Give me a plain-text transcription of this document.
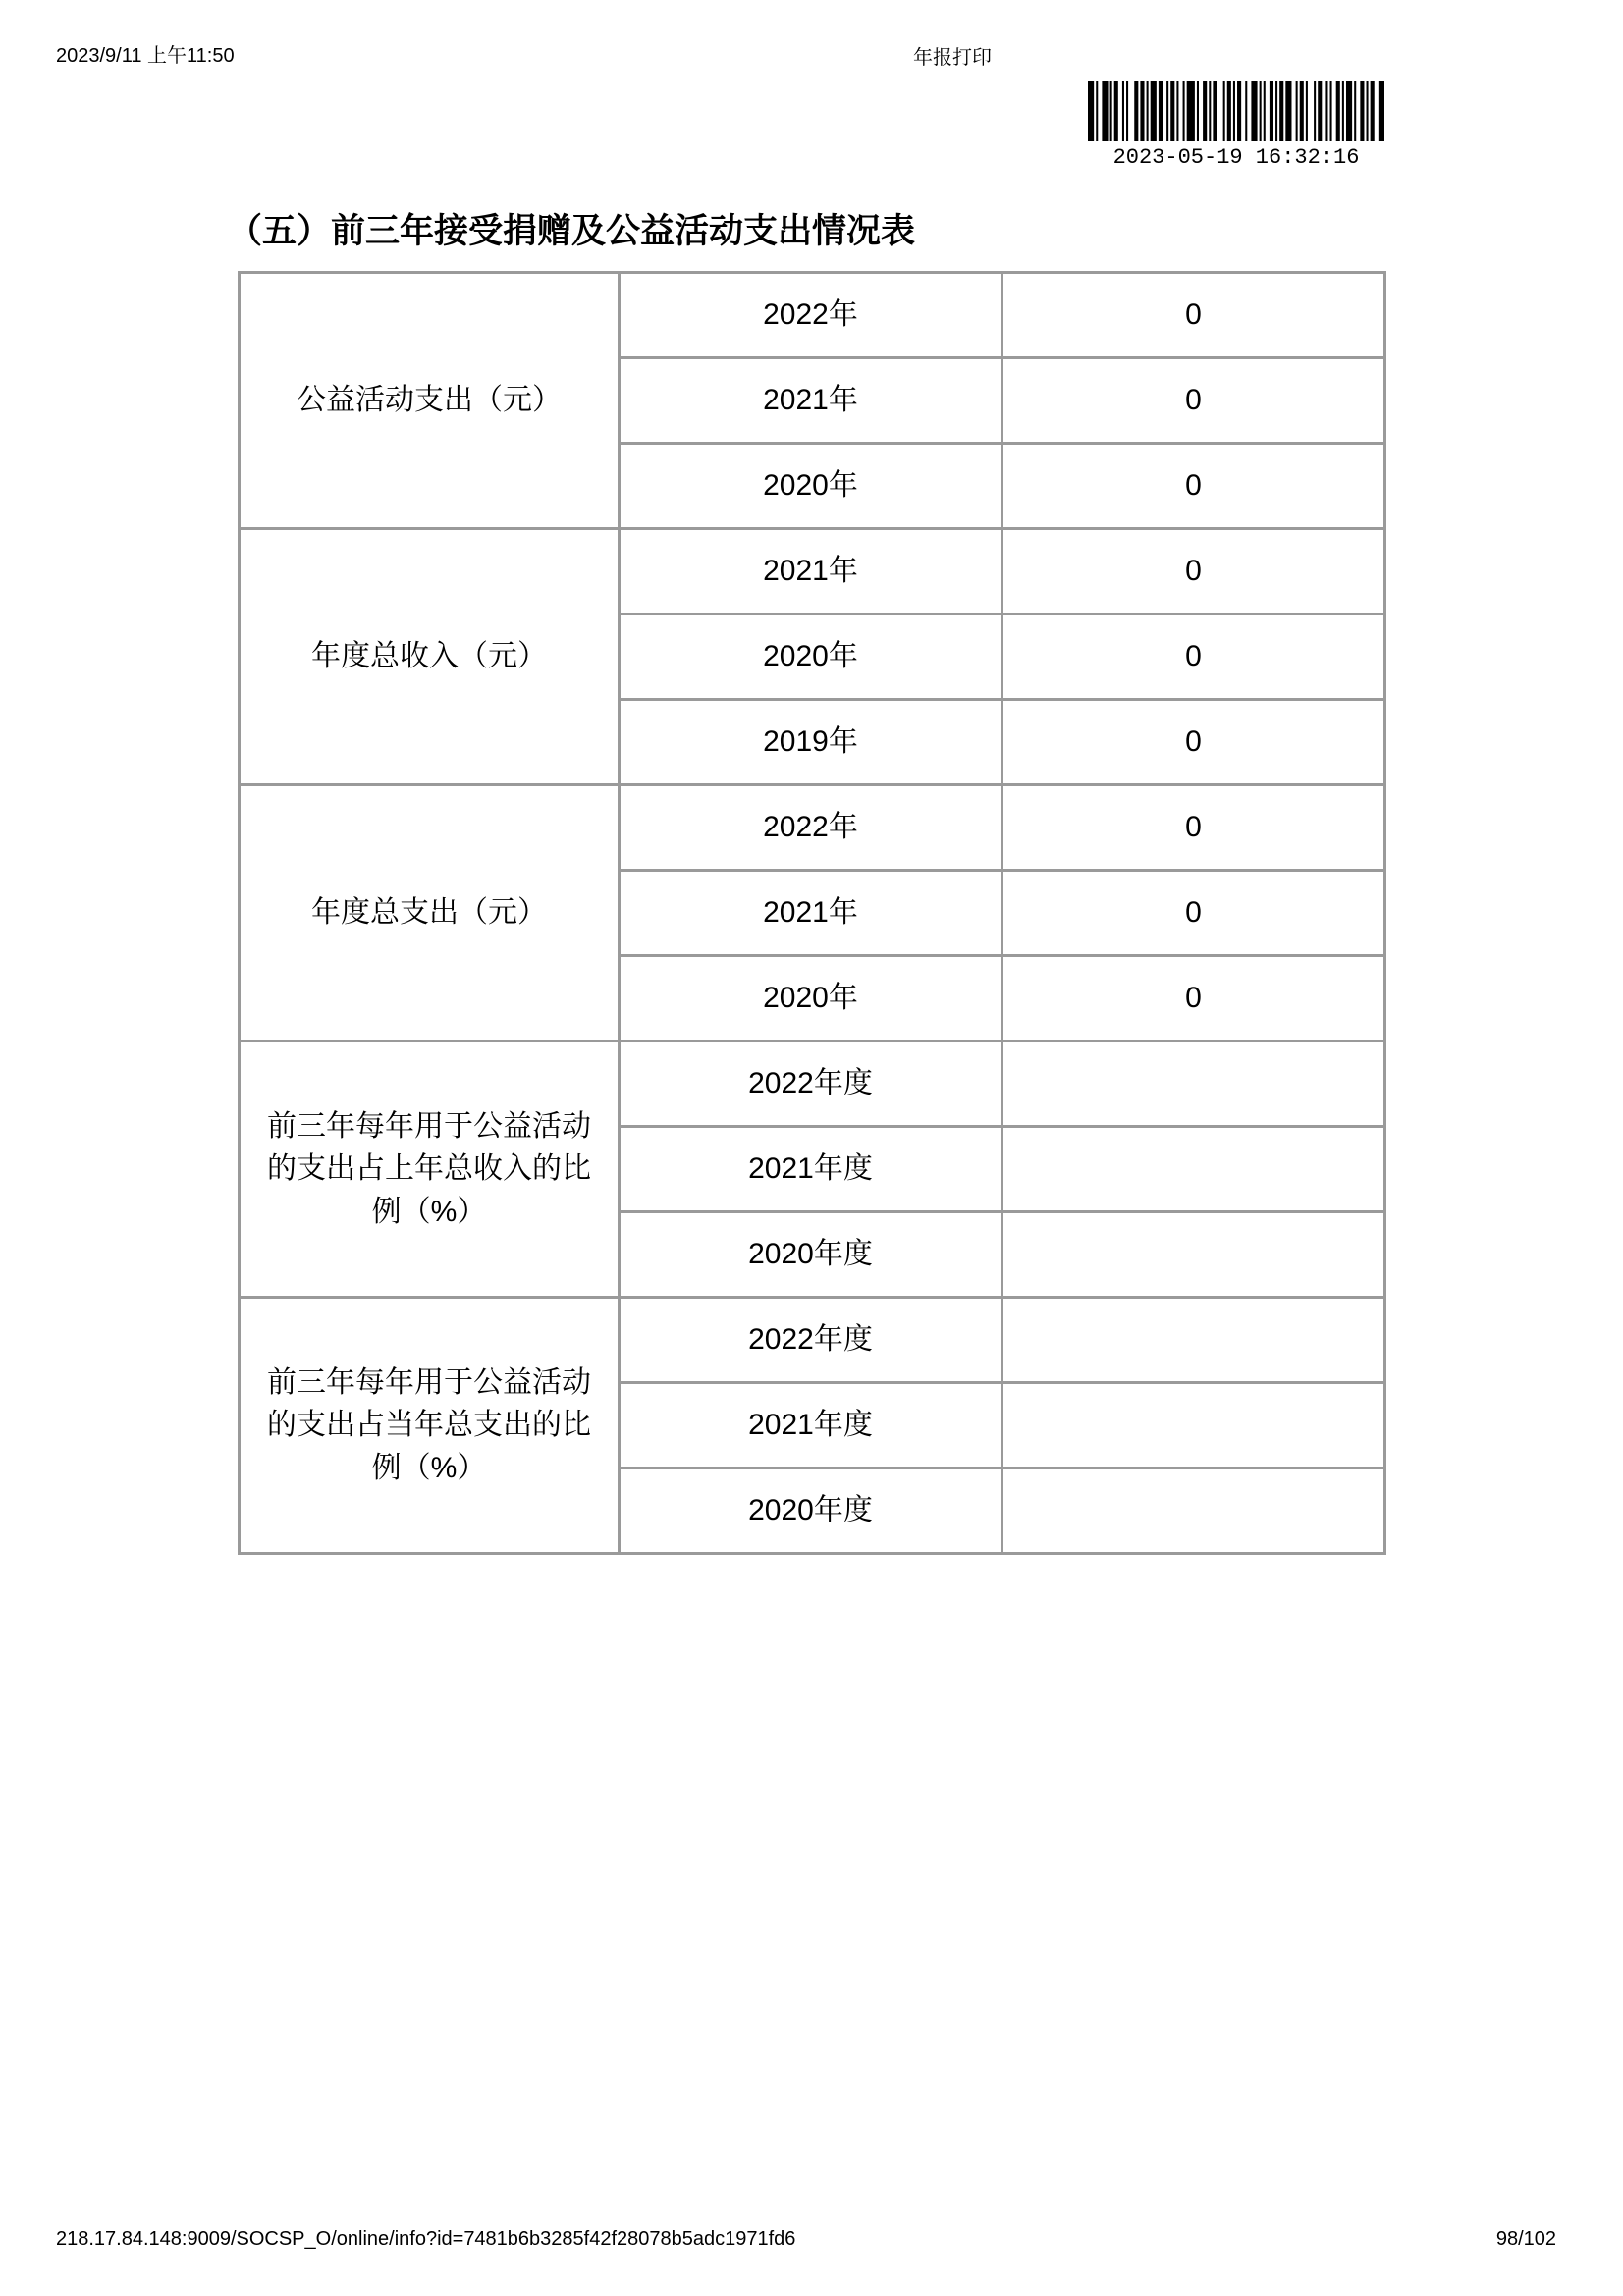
2023/9/11 上午11:50	年报打印
2023-05-19 16:32:16
（五）前三年接受捐赠及公益活动支出情况表
公益活动支出（元）	2022年	0
	2021年	0
	2020年	0
年度总收入（元）	2021年	0
	2020年	0
	2019年	0
年度总支出（元）	2022年	0
	2021年	0
	2020年	0
前三年每年用于公益活动的支出占上年总收入的比例（%）	2022年度	
	2021年度	
	2020年度	
前三年每年用于公益活动的支出占当年总支出的比例（%）	2022年度	
	2021年度	
	2020年度	
218.17.84.148:9009/SOCSP_O/online/info?id=7481b6b3285f42f28078b5adc1971fd6	98/102
